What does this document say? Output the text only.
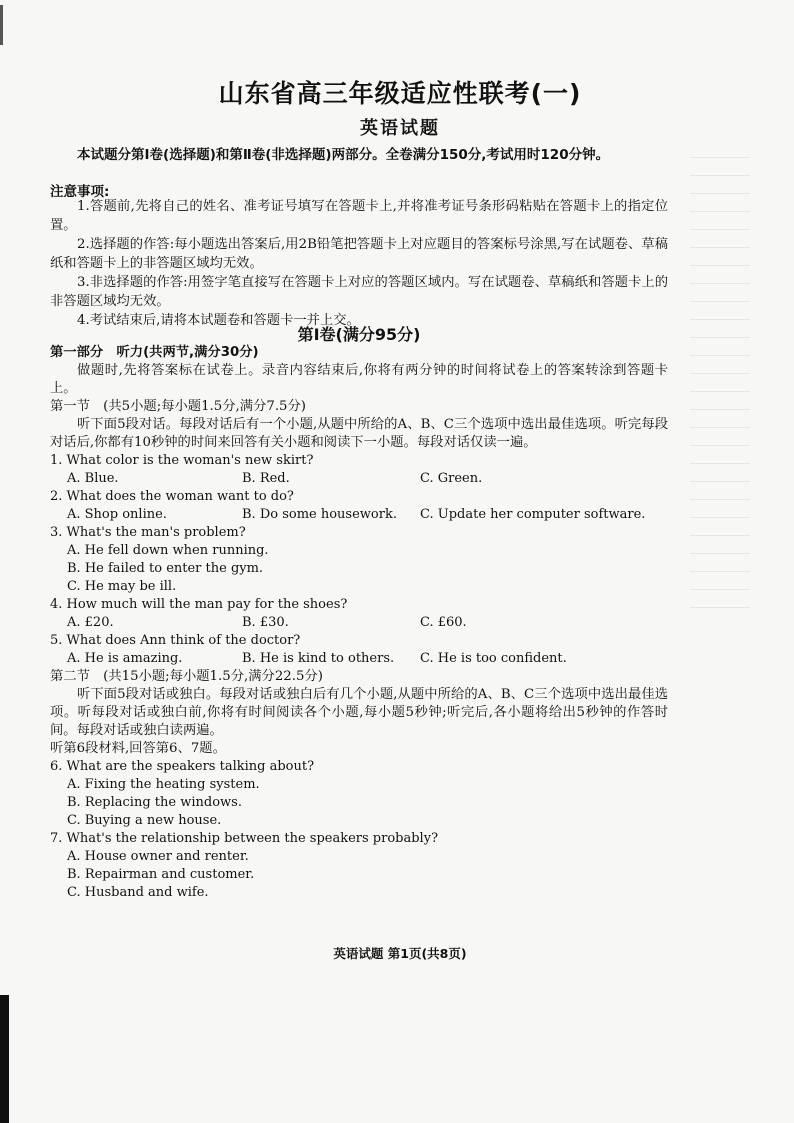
山东省高三年级适应性联考(一)
英语试题
本试题分第Ⅰ卷(选择题)和第Ⅱ卷(非选择题)两部分。全卷满分150分,考试用时120分钟。
注意事项:

1.答题前,先将自己的姓名、准考证号填写在答题卡上,并将准考证号条形码粘贴在答题卡上的指定位置。

2.选择题的作答:每小题选出答案后,用2B铅笔把答题卡上对应题目的答案标号涂黑,写在试题卷、草稿纸和答题卡上的非答题区域均无效。

3.非选择题的作答:用签字笔直接写在答题卡上对应的答题区域内。写在试题卷、草稿纸和答题卡上的非答题区域均无效。

4.考试结束后,请将本试题卷和答题卡一并上交。

第Ⅰ卷(满分95分)
第一部分　听力(共两节,满分30分)
做题时,先将答案标在试卷上。录音内容结束后,你将有两分钟的时间将试卷上的答案转涂到答题卡上。
第一节　(共5小题;每小题1.5分,满分7.5分)
听下面5段对话。每段对话后有一个小题,从题中所给的A、B、C三个选项中选出最佳选项。听完每段对话后,你都有10秒钟的时间来回答有关小题和阅读下一小题。每段对话仅读一遍。
1. What color is the woman's new skirt?
A. Blue.	B. Red.	C. Green.
2. What does the woman want to do?
A. Shop online.	B. Do some housework.	C. Update her computer software.
3. What's the man's problem?
A. He fell down when running.
B. He failed to enter the gym.
C. He may be ill.
4. How much will the man pay for the shoes?
A. £20.	B. £30.	C. £60.
5. What does Ann think of the doctor?
A. He is amazing.	B. He is kind to others.	C. He is too confident.
第二节　(共15小题;每小题1.5分,满分22.5分)
听下面5段对话或独白。每段对话或独白后有几个小题,从题中所给的A、B、C三个选项中选出最佳选项。听每段对话或独白前,你将有时间阅读各个小题,每小题5秒钟;听完后,各小题将给出5秒钟的作答时间。每段对话或独白读两遍。
听第6段材料,回答第6、7题。
6. What are the speakers talking about?
A. Fixing the heating system.
B. Replacing the windows.
C. Buying a new house.
7. What's the relationship between the speakers probably?
A. House owner and renter.
B. Repairman and customer.
C. Husband and wife.
英语试题 第1页(共8页)
